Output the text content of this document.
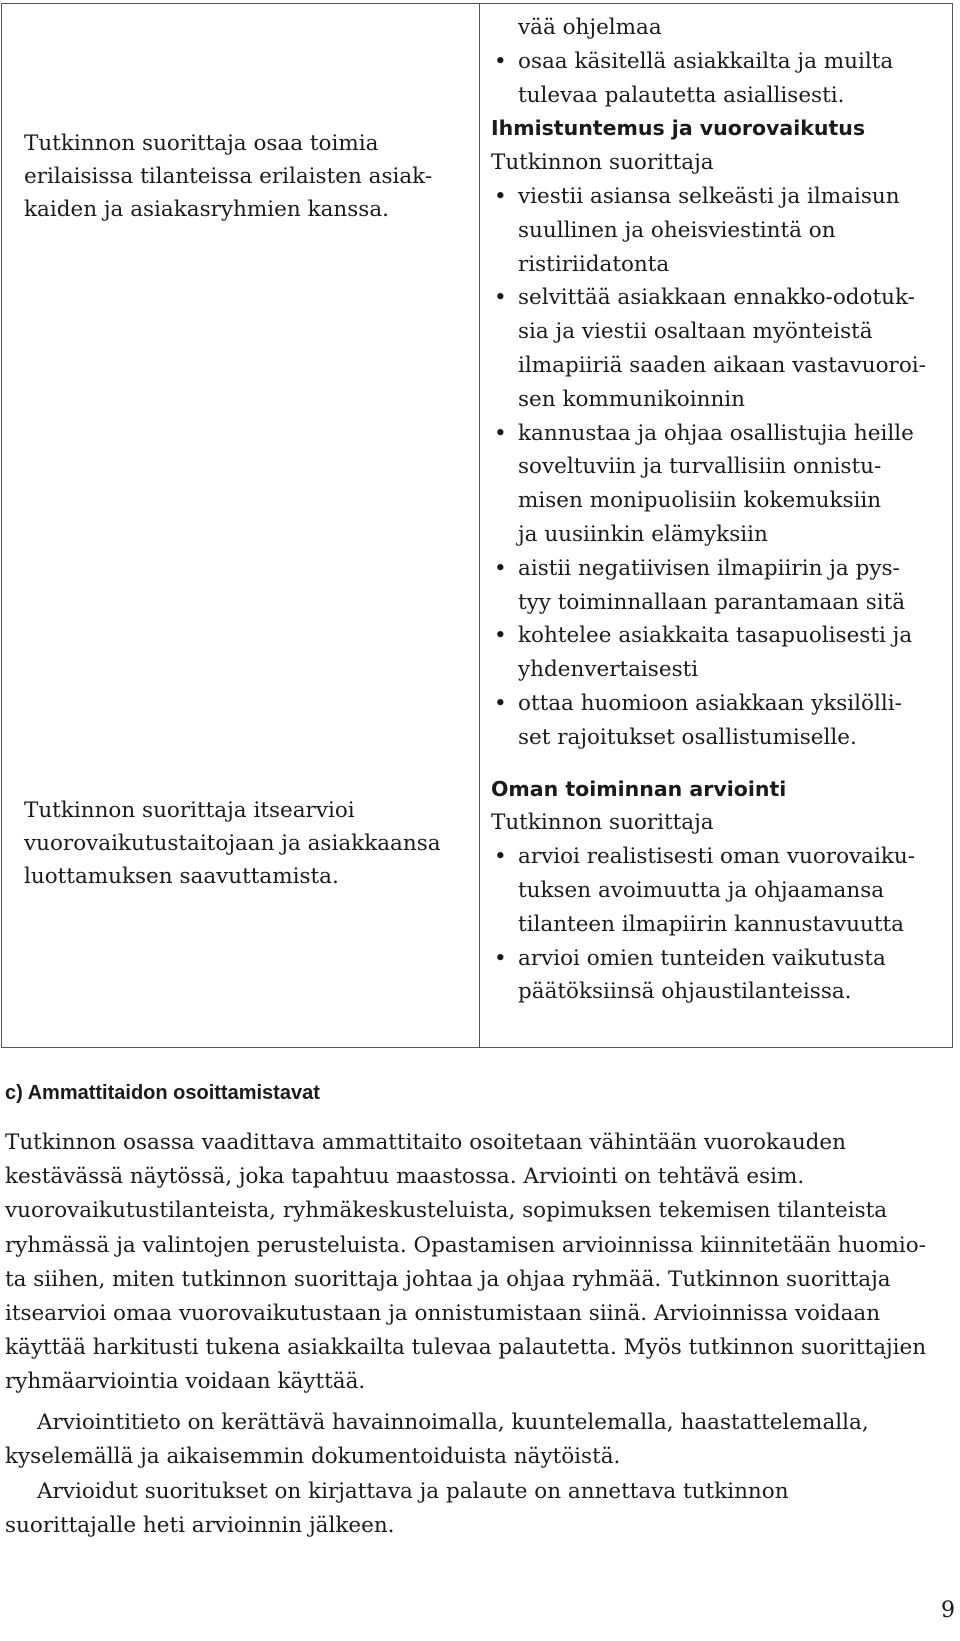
Tutkinnon suorittaja osaa toimia
erilaisissa tilanteissa erilaisten asiak-
kaiden ja asiakasryhmien kanssa.
Tutkinnon suorittaja itsearvioi
vuorovaikutustaitojaan ja asiakkaansa
luottamuksen saavuttamista.
vää ohjelmaa
• osaa käsitellä asiakkailta ja muilta
tulevaa palautetta asiallisesti.
Ihmistuntemus ja vuorovaikutus
Tutkinnon suorittaja
• viestii asiansa selkeästi ja ilmaisun
suullinen ja oheisviestintä on
ristiriidatonta
• selvittää asiakkaan ennakko-odotuk-
sia ja viestii osaltaan myönteistä
ilmapiiriä saaden aikaan vastavuoroi-
sen kommunikoinnin
• kannustaa ja ohjaa osallistujia heille
soveltuviin ja turvallisiin onnistu-
misen monipuolisiin kokemuksiin
ja uusiinkin elämyksiin
• aistii negatiivisen ilmapiirin ja pys-
tyy toiminnallaan parantamaan sitä
• kohtelee asiakkaita tasapuolisesti ja
yhdenvertaisesti
• ottaa huomioon asiakkaan yksilölli-
set rajoitukset osallistumiselle.
Oman toiminnan arviointi
Tutkinnon suorittaja
• arvioi realistisesti oman vuorovaiku-
tuksen avoimuutta ja ohjaamansa
tilanteen ilmapiirin kannustavuutta
• arvioi omien tunteiden vaikutusta
päätöksiinsä ohjaustilanteissa.
c) Ammattitaidon osoittamistavat
Tutkinnon osassa vaadittava ammattitaito osoitetaan vähintään vuorokauden
kestävässä näytössä, joka tapahtuu maastossa. Arviointi on tehtävä esim.
vuorovaikutustilanteista, ryhmäkeskusteluista, sopimuksen tekemisen tilanteista
ryhmässä ja valintojen perusteluista. Opastamisen arvioinnissa kiinnitetään huomio-
ta siihen, miten tutkinnon suorittaja johtaa ja ohjaa ryhmää. Tutkinnon suorittaja
itsearvioi omaa vuorovaikutustaan ja onnistumistaan siinä. Arvioinnissa voidaan
käyttää harkitusti tukena asiakkailta tulevaa palautetta. Myös tutkinnon suorittajien
ryhmäarviointia voidaan käyttää.
Arviointitieto on kerättävä havainnoimalla, kuuntelemalla, haastattelemalla,
kyselemällä ja aikaisemmin dokumentoiduista näytöistä.
Arvioidut suoritukset on kirjattava ja palaute on annettava tutkinnon
suorittajalle heti arvioinnin jälkeen.
9
